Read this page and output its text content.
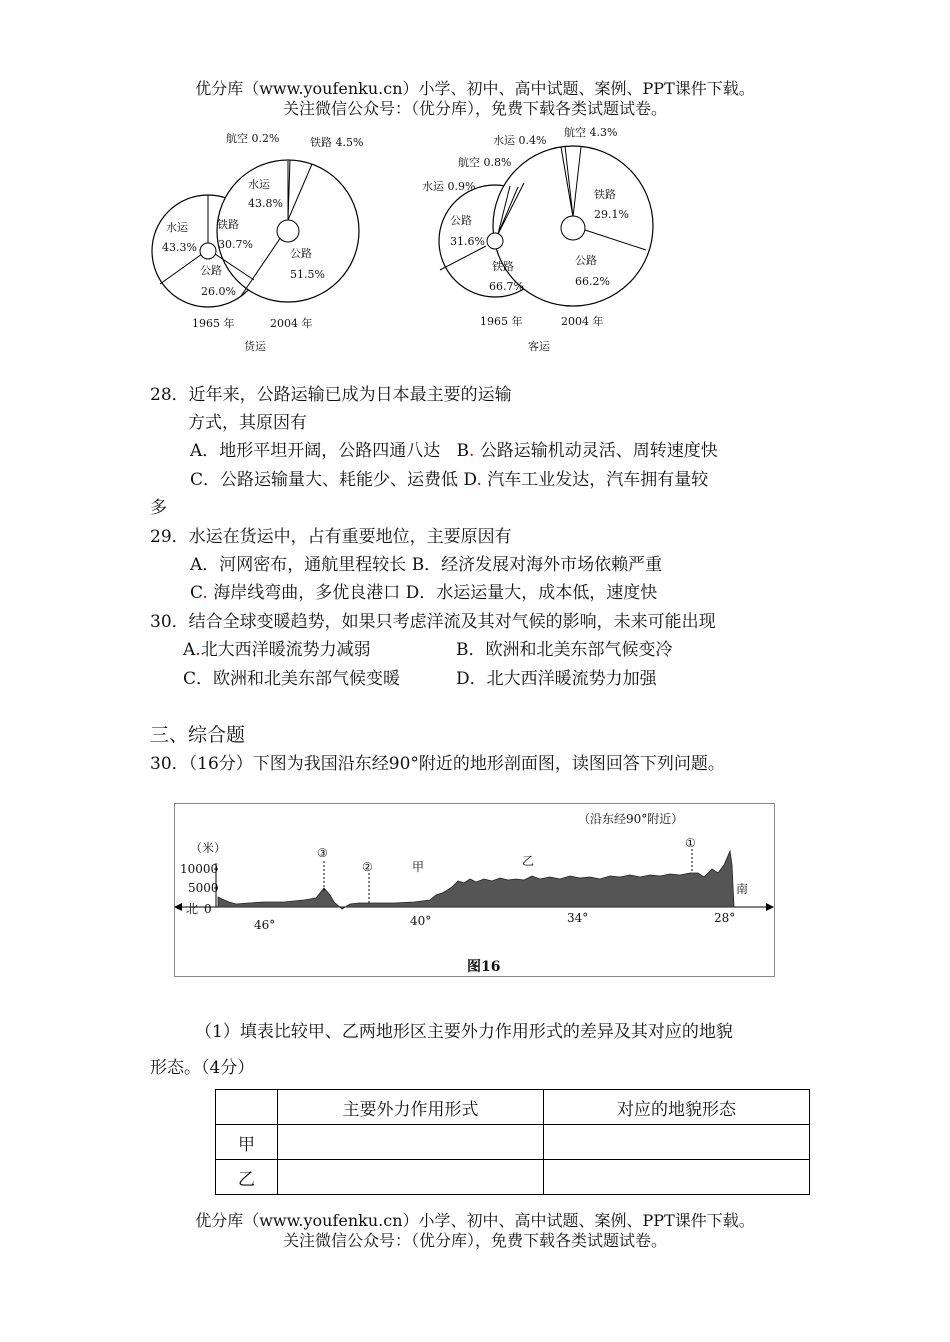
优分库（www.youfenku.cn）小学、初中、高中试题、案例、PPT课件下载。
关注微信公众号：（优分库），免费下载各类试题试卷。
水运
43.3%
铁路
30.7%
公路
26.0%
水运
43.8%
航空 0.2%	铁路 4.5%
公路
51.5%
1965 年	2004 年
货运
公路
31.6%
水运 0.9%
航空 0.8%
铁路
66.7%
水运 0.4%
航空 4.3%
铁路
29.1%
公路
66.2%
1965 年	2004 年
客运
28．近年来，公路运输已成为日本最主要的运输
方式，其原因有
A．地形平坦开阔，公路四通八达 B. 公路运输机动灵活、周转速度快
C．公路运输量大、耗能少、运费低 D. 汽车工业发达，汽车拥有量较
多
29．水运在货运中，占有重要地位，主要原因有
A．河网密布，通航里程较长 B．经济发展对海外市场依赖严重
C. 海岸线弯曲，多优良港口 D．水运运量大，成本低，速度快
30．结合全球变暖趋势，如果只考虑洋流及其对气候的影响，未来可能出现
A.北大西洋暖流势力减弱	B．欧洲和北美东部气候变冷
C．欧洲和北美东部气候变暖	D．北大西洋暖流势力加强
三、综合题
30．（16分）下图为我国沿东经90°附近的地形剖面图，读图回答下列问题。
（沿东经90°附近）
（米）
10000
5000
北 0
南
46°	40°	34°	28°
①
②
③
甲	乙
图16
（1）填表比较甲、乙两地形区主要外力作用形式的差异及其对应的地貌
形态。（4分）
	主要外力作用形式	对应的地貌形态
甲		
乙		
优分库（www.youfenku.cn）小学、初中、高中试题、案例、PPT课件下载。
关注微信公众号：（优分库），免费下载各类试题试卷。
